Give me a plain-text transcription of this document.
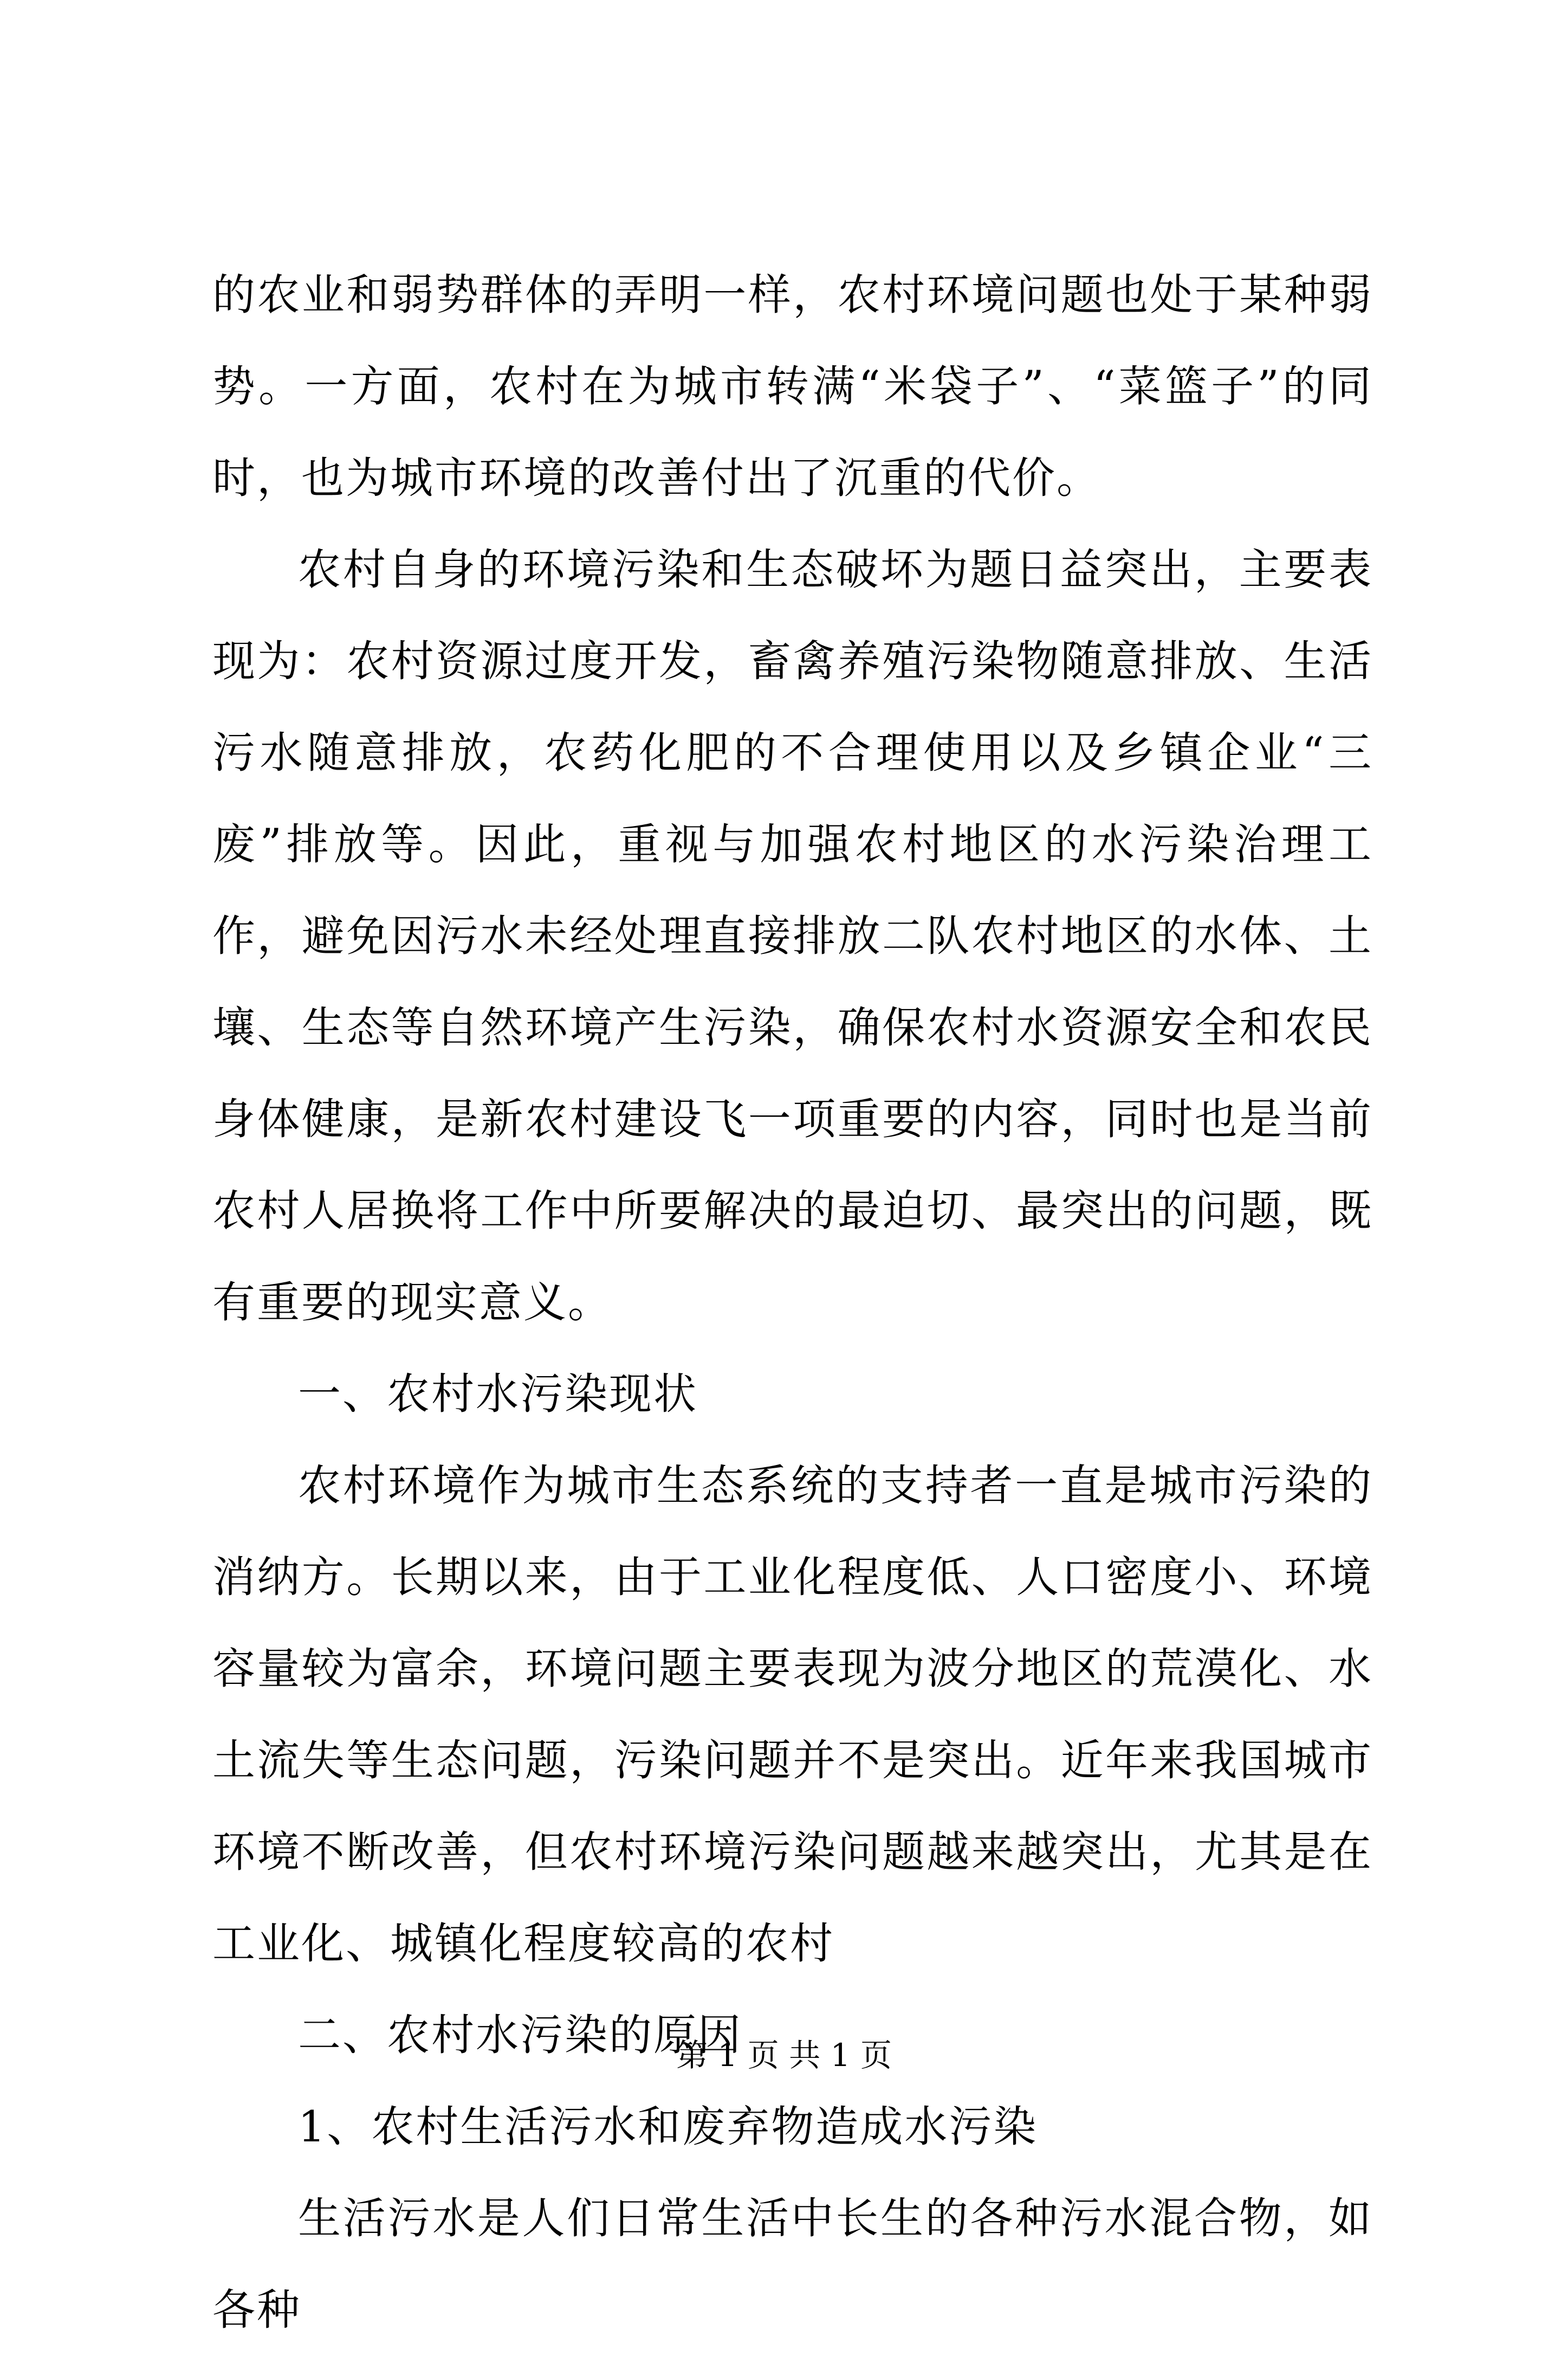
的农业和弱势群体的弄明一样，农村环境问题也处于某种弱势。一方面，农村在为城市转满“米袋子”、“菜篮子”的同时，也为城市环境的改善付出了沉重的代价。

农村自身的环境污染和生态破坏为题日益突出，主要表现为：农村资源过度开发，畜禽养殖污染物随意排放、生活污水随意排放，农药化肥的不合理使用以及乡镇企业“三废”排放等。因此，重视与加强农村地区的水污染治理工作，避免因污水未经处理直接排放二队农村地区的水体、土壤、生态等自然环境产生污染，确保农村水资源安全和农民身体健康，是新农村建设飞一项重要的内容，同时也是当前农村人居换将工作中所要解决的最迫切、最突出的问题，既有重要的现实意义。

一、农村水污染现状

农村环境作为城市生态系统的支持者一直是城市污染的消纳方。长期以来，由于工业化程度低、人口密度小、环境容量较为富余，环境问题主要表现为波分地区的荒漠化、水土流失等生态问题，污染问题并不是突出。近年来我国城市环境不断改善，但农村环境污染问题越来越突出，尤其是在工业化、城镇化程度较高的农村

二、农村水污染的原因

1、农村生活污水和废弃物造成水污染

生活污水是人们日常生活中长生的各种污水混合物，如各种

第 1 页 共 1 页
